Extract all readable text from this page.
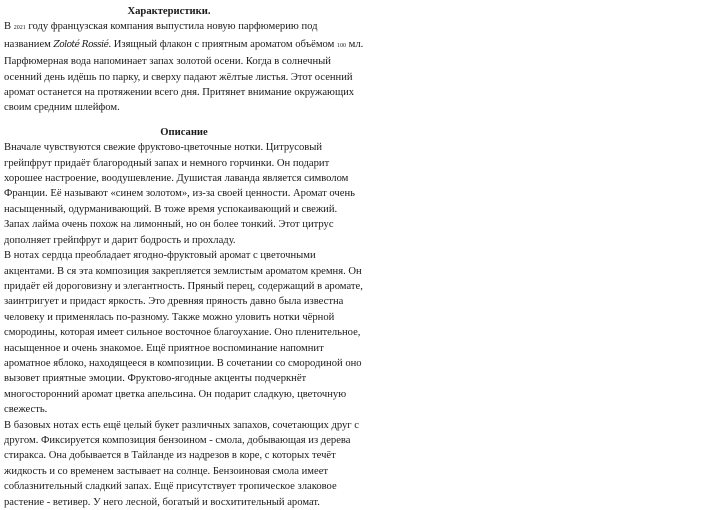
Характеристики.

В 2021 году французская компания выпустила новую парфюмерию под названием Zoloté Rossié. Изящный флакон с приятным ароматом объёмом 100 мл. Парфюмерная вода напоминает запах золотой осени. Когда в солнечный осенний день идёшь по парку, и сверху падают жёлтые листья. Этот осенний аромат останется на протяжении всего дня. Притянет внимание окружающих своим средним шлейфом.

Описание

Вначале чувствуются свежие фруктово-цветочные нотки. Цитрусовый грейпфрут придаёт благородный запах и немного горчинки. Он подарит хорошее настроение, воодушевление. Душистая лаванда является символом Франции. Её называют «синем золотом», из-за своей ценности. Аромат очень насыщенный, одурманивающий. В тоже время успокаивающий и свежий. Запах лайма очень похож на лимонный, но он более тонкий. Этот цитрус дополняет грейпфрут и дарит бодрость и прохладу.

В нотах сердца преобладает ягодно-фруктовый аромат с цветочными акцентами. В ся эта композиция закрепляется землистым ароматом кремня. Он придаёт ей дороговизну и элегантность. Пряный перец, содержащий в аромате, заинтригует и придаст яркость. Это древняя пряность давно была известна человеку и применялась по-разному. Также можно уловить нотки чёрной смородины, которая имеет сильное восточное благоухание. Оно пленительное, насыщенное и очень знакомое. Ещё приятное воспоминание напомнит ароматное яблоко, находящееся в композиции. В сочетании со смородиной оно вызовет приятные эмоции. Фруктово-ягодные акценты подчеркнёт многосторонний аромат цветка апельсина. Он подарит сладкую, цветочную свежесть.

В базовых нотах есть ещё целый букет различных запахов, сочетающих друг с другом. Фиксируется композиция бензоином - смола, добывающая из дерева стиракса. Она добывается в Тайланде из надрезов в коре, с которых течёт жидкость и со временем застывает на солнце. Бензоиновая смола имеет соблазнительный сладкий запах. Ещё присутствует тропическое злаковое растение - ветивер. У него лесной, богатый и восхитительный аромат.
